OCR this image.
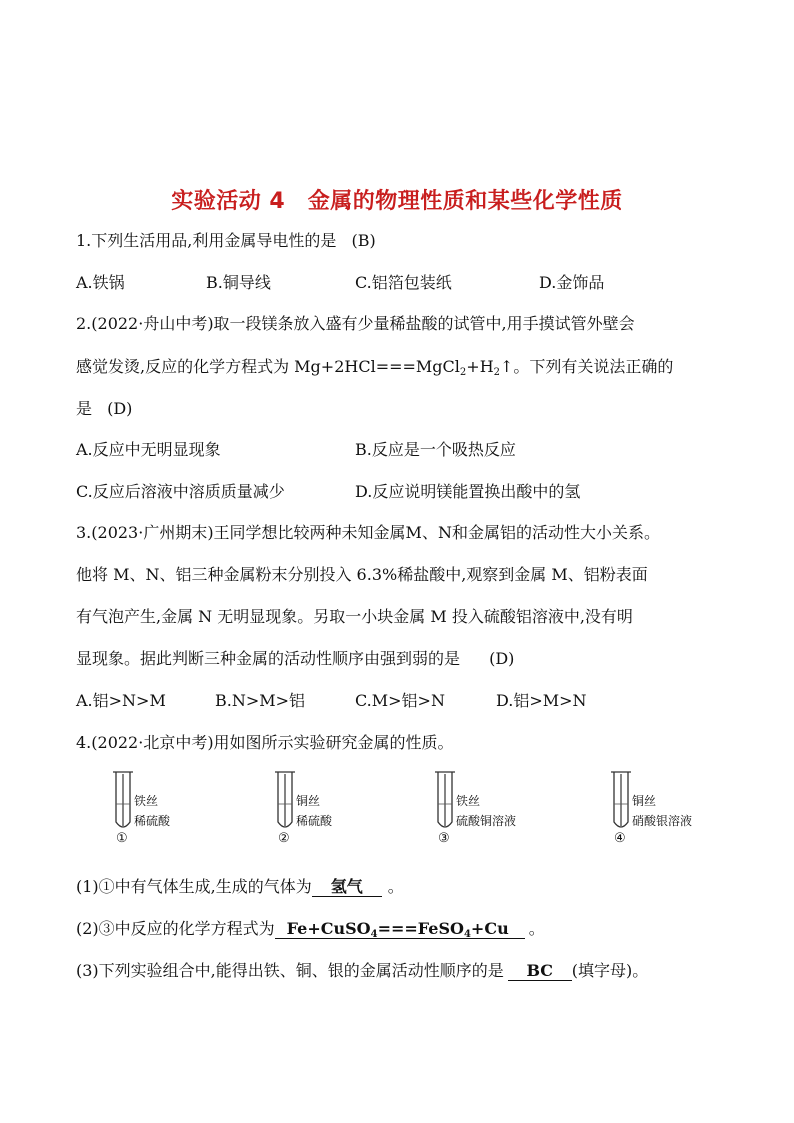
实验活动 4　金属的物理性质和某些化学性质
1.下列生活用品,利用金属导电性的是 (B)
A.铁锅	B.铜导线	C.铝箔包装纸	D.金饰品
2.(2022·舟山中考)取一段镁条放入盛有少量稀盐酸的试管中,用手摸试管外壁会
感觉发烫,反应的化学方程式为 $Mg+2HCl===MgCl_2+H_2↑$。下列有关说法正确的
是 (D)
A.反应中无明显现象	B.反应是一个吸热反应
C.反应后溶液中溶质质量减少	D.反应说明镁能置换出酸中的氢
3.(2023·广州期末)王同学想比较两种未知金属M、N和金属铝的活动性大小关系。
他将 M、N、铝三种金属粉末分别投入 6.3%稀盐酸中,观察到金属 M、铝粉表面
有气泡产生,金属 N 无明显现象。另取一小块金属 M 投入硫酸铝溶液中,没有明
显现象。据此判断三种金属的活动性顺序由强到弱的是 (D)
A.铝>N>M	B.N>M>铝	C.M>铝>N	D.铝>M>N
4.(2022·北京中考)用如图所示实验研究金属的性质。
铁丝
稀硫酸
①
铜丝
稀硫酸
②
铁丝
硫酸铜溶液
③
铜丝
硝酸银溶液
④
(1)①中有气体生成,生成的气体为 氢气 。
(2)③中反应的化学方程式为 Fe+CuSO$_4$===FeSO$_4$+Cu 。
(3)下列实验组合中,能得出铁、铜、银的金属活动性顺序的是 BC (填字母)。
